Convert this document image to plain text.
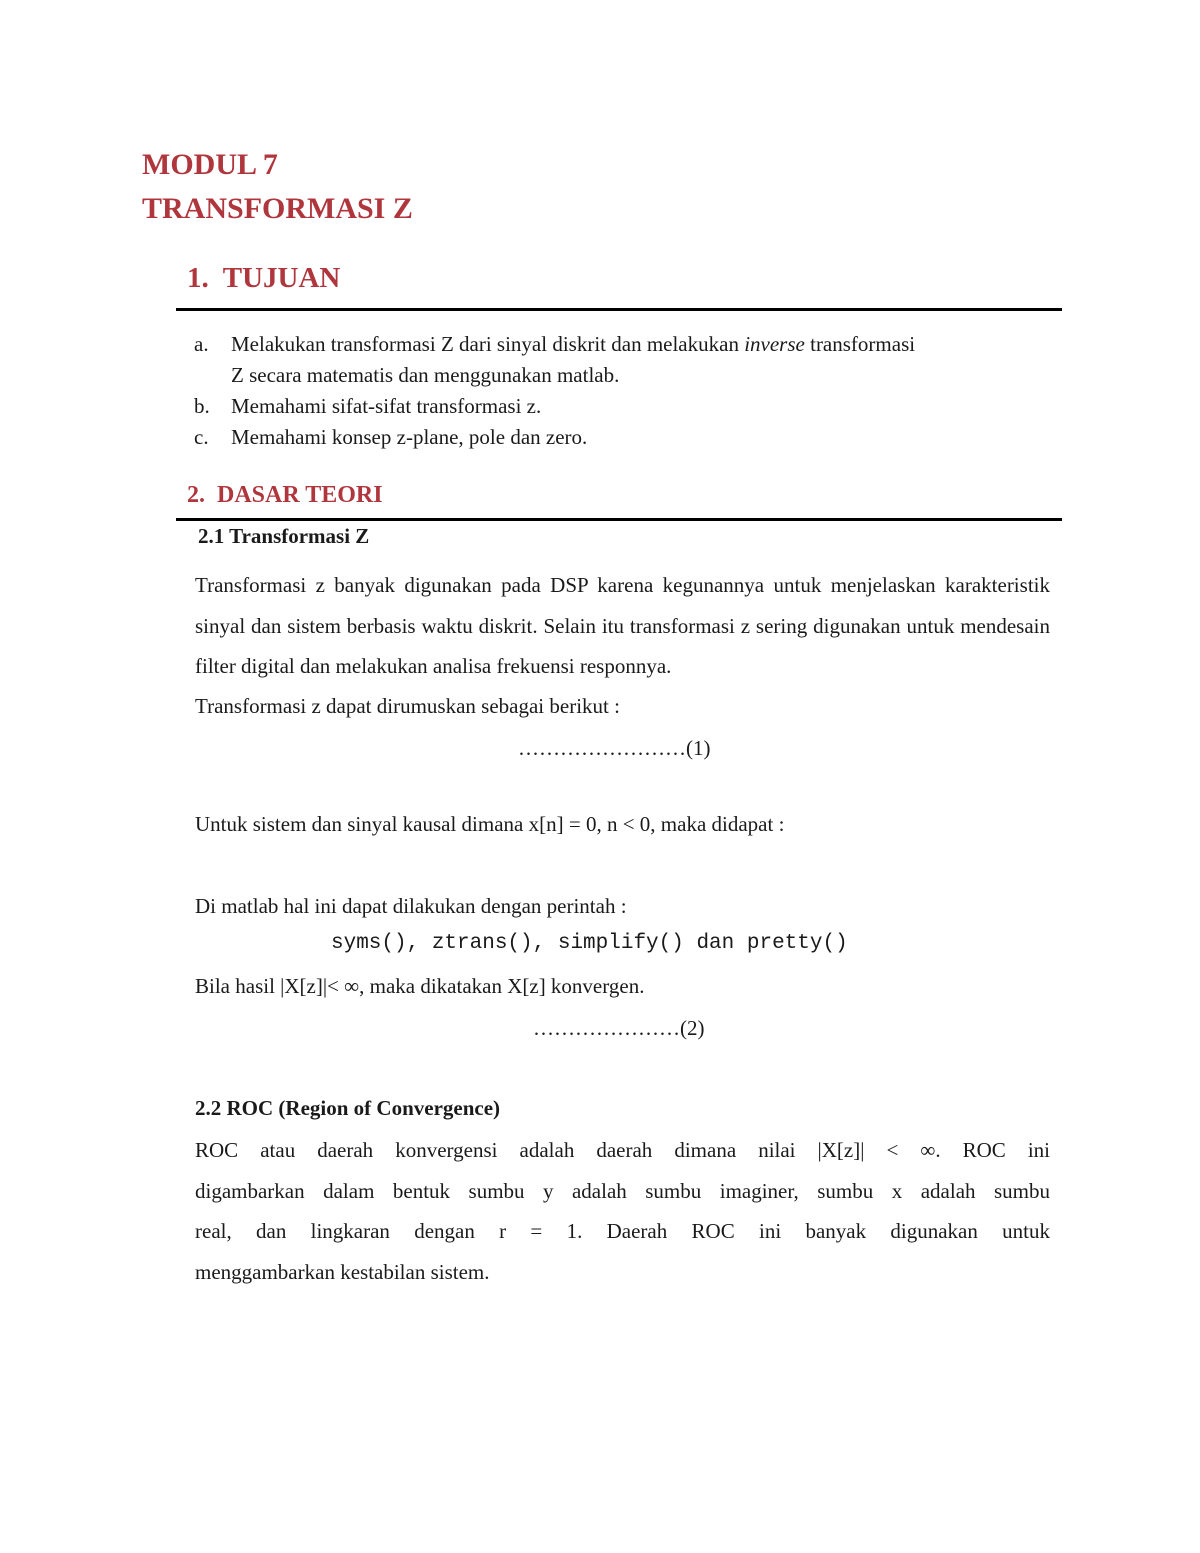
MODUL 7
TRANSFORMASI Z
1. TUJUAN
a. Melakukan transformasi Z dari sinyal diskrit dan melakukan inverse transformasi
Z secara matematis dan menggunakan matlab.
b. Memahami sifat-sifat transformasi z.
c. Memahami konsep z-plane, pole dan zero.
2. DASAR TEORI
2.1 Transformasi Z
Transformasi z banyak digunakan pada DSP karena kegunannya untuk menjelaskan karakteristik sinyal dan sistem berbasis waktu diskrit. Selain itu transformasi z sering digunakan untuk mendesain filter digital dan melakukan analisa frekuensi responnya.
Transformasi z dapat dirumuskan sebagai berikut :
……………………(1)
Untuk sistem dan sinyal kausal dimana x[n] = 0, n < 0, maka didapat :
Di matlab hal ini dapat dilakukan dengan perintah :
syms(), ztrans(), simplify() dan pretty()
Bila hasil |X[z]|< ∞, maka dikatakan X[z] konvergen.
…………………(2)
2.2 ROC (Region of Convergence)
ROC atau daerah konvergensi adalah daerah dimana nilai |X[z]| < ∞. ROC ini
digambarkan dalam bentuk sumbu y adalah sumbu imaginer, sumbu x adalah sumbu
real, dan lingkaran dengan r = 1. Daerah ROC ini banyak digunakan untuk
menggambarkan kestabilan sistem.
